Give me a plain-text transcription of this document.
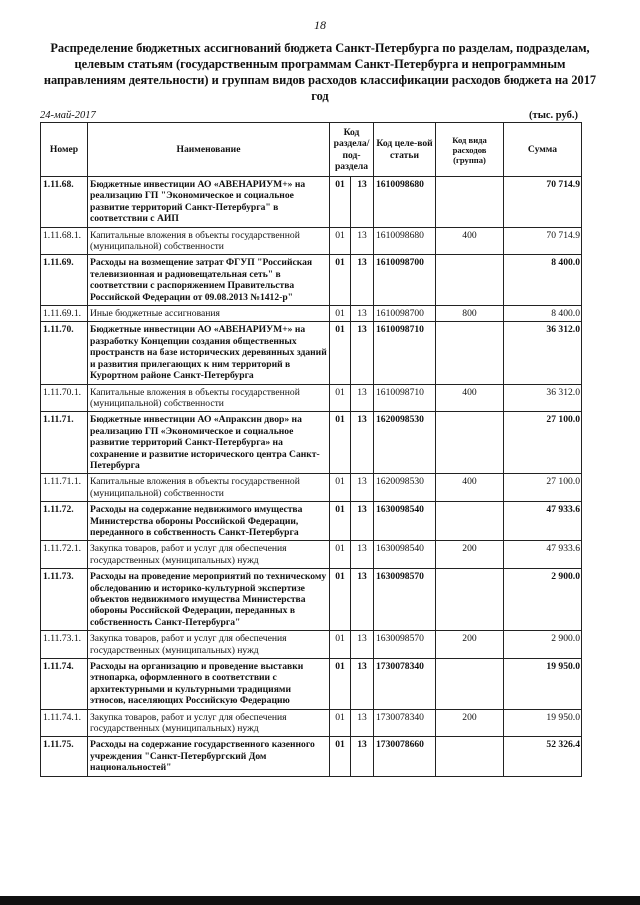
18
Распределение бюджетных ассигнований бюджета Санкт-Петербурга по разделам, подразделам, целевым статьям (государственным программам Санкт-Петербурга и непрограммным направлениям деятельности) и группам видов расходов классификации расходов бюджета на 2017 год
24-май-2017	(тыс. руб.)
Номер	Наименование	Код раздела/ под-раздела		Код целе-вой статьи	Код вида расходов (группа)	Сумма
1.11.68.	Бюджетные инвестиции АО «АВЕНАРИУМ+» на реализацию ГП "Экономическое и социальное развитие территорий Санкт-Петербурга" в соответствии с АИП	01	13	1610098680		70 714.9
1.11.68.1.	Капитальные вложения в объекты государственной (муниципальной) собственности	01	13	1610098680	400	70 714.9
1.11.69.	Расходы на возмещение затрат ФГУП "Российская телевизионная и радиовещательная сеть" в соответствии с распоряжением Правительства Российской Федерации от 09.08.2013 №1412-р"	01	13	1610098700		8 400.0
1.11.69.1.	Иные бюджетные ассигнования	01	13	1610098700	800	8 400.0
1.11.70.	Бюджетные инвестиции АО «АВЕНАРИУМ+» на разработку Концепции создания общественных пространств на базе исторических деревянных зданий и развития прилегающих к ним территорий в Курортном районе Санкт-Петербурга	01	13	1610098710		36 312.0
1.11.70.1.	Капитальные вложения в объекты государственной (муниципальной) собственности	01	13	1610098710	400	36 312.0
1.11.71.	Бюджетные инвестиции АО «Апраксин двор» на реализацию ГП «Экономическое и социальное развитие территорий Санкт-Петербурга» на сохранение и развитие исторического центра Санкт-Петербурга	01	13	1620098530		27 100.0
1.11.71.1.	Капитальные вложения в объекты государственной (муниципальной) собственности	01	13	1620098530	400	27 100.0
1.11.72.	Расходы на содержание недвижимого имущества Министерства обороны Российской Федерации, переданного в собственность Санкт-Петербурга	01	13	1630098540		47 933.6
1.11.72.1.	Закупка товаров, работ и услуг для обеспечения государственных (муниципальных) нужд	01	13	1630098540	200	47 933.6
1.11.73.	Расходы на проведение мероприятий по техническому обследованию и историко-культурной экспертизе объектов недвижимого имущества Министерства обороны Российской Федерации, переданных в собственность Санкт-Петербурга"	01	13	1630098570		2 900.0
1.11.73.1.	Закупка товаров, работ и услуг для обеспечения государственных (муниципальных) нужд	01	13	1630098570	200	2 900.0
1.11.74.	Расходы на организацию и проведение выставки этнопарка, оформленного в соответствии с архитектурными и культурными традициями этносов, населяющих Российскую Федерацию	01	13	1730078340		19 950.0
1.11.74.1.	Закупка товаров, работ и услуг для обеспечения государственных (муниципальных) нужд	01	13	1730078340	200	19 950.0
1.11.75.	Расходы на содержание государственного казенного учреждения "Санкт-Петербургский Дом национальностей"	01	13	1730078660		52 326.4
